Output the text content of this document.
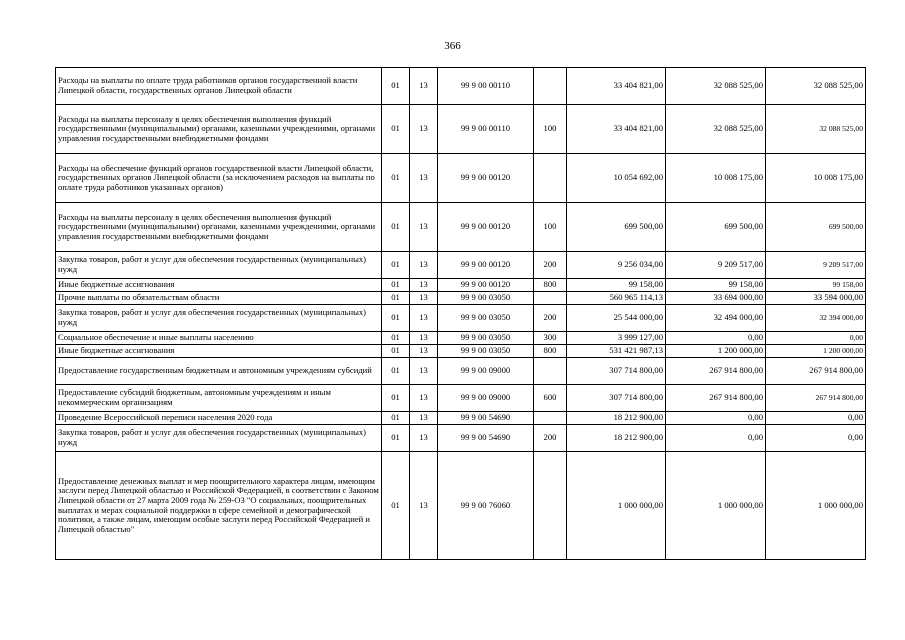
366
Расходы на выплаты по оплате труда работников органов государственной власти Липецкой области, государственных органов Липецкой области	01	13	99 9 00 00110		33 404 821,00	32 088 525,00	32 088 525,00
Расходы на выплаты персоналу в целях обеспечения выполнения функций государственными (муниципальными) органами, казенными учреждениями, органами управления государственными внебюджетными фондами	01	13	99 9 00 00110	100	33 404 821,00	32 088 525,00	32 088 525,00
Расходы на обеспечение функций органов государственной власти Липецкой области, государственных органов Липецкой области (за исключением расходов на выплаты по оплате труда работников указанных органов)	01	13	99 9 00 00120		10 054 692,00	10 008 175,00	10 008 175,00
Расходы на выплаты персоналу в целях обеспечения выполнения функций государственными (муниципальными) органами, казенными учреждениями, органами управления государственными внебюджетными фондами	01	13	99 9 00 00120	100	699 500,00	699 500,00	699 500,00
Закупка товаров, работ и услуг для обеспечения государственных (муниципальных) нужд	01	13	99 9 00 00120	200	9 256 034,00	9 209 517,00	9 209 517,00
Иные бюджетные ассигнования	01	13	99 9 00 00120	800	99 158,00	99 158,00	99 158,00
Прочие выплаты по обязательствам области	01	13	99 9 00 03050		560 965 114,13	33 694 000,00	33 594 000,00
Закупка товаров, работ и услуг для обеспечения государственных (муниципальных) нужд	01	13	99 9 00 03050	200	25 544 000,00	32 494 000,00	32 394 000,00
Социальное обеспечение и иные выплаты населению	01	13	99 9 00 03050	300	3 999 127,00	0,00	0,00
Иные бюджетные ассигнования	01	13	99 9 00 03050	800	531 421 987,13	1 200 000,00	1 200 000,00
Предоставление государственным бюджетным и автономным учреждениям субсидий	01	13	99 9 00 09000		307 714 800,00	267 914 800,00	267 914 800,00
Предоставление субсидий бюджетным, автономным учреждениям и иным некоммерческим организациям	01	13	99 9 00 09000	600	307 714 800,00	267 914 800,00	267 914 800,00
Проведение Всероссийской переписи населения 2020 года	01	13	99 9 00 54690		18 212 900,00	0,00	0,00
Закупка товаров, работ и услуг для обеспечения государственных (муниципальных) нужд	01	13	99 9 00 54690	200	18 212 900,00	0,00	0,00
Предоставление денежных выплат и мер поощрительного характера лицам, имеющим заслуги перед Липецкой областью и Российской Федерацией, в соответствии с Законом Липецкой области от 27 марта 2009 года № 259-ОЗ "О социальных, поощрительных выплатах и мерах социальной поддержки в сфере семейной и демографической политики, а также лицам, имеющим особые заслуги перед Российской Федерацией и Липецкой областью"	01	13	99 9 00 76060		1 000 000,00	1 000 000,00	1 000 000,00
